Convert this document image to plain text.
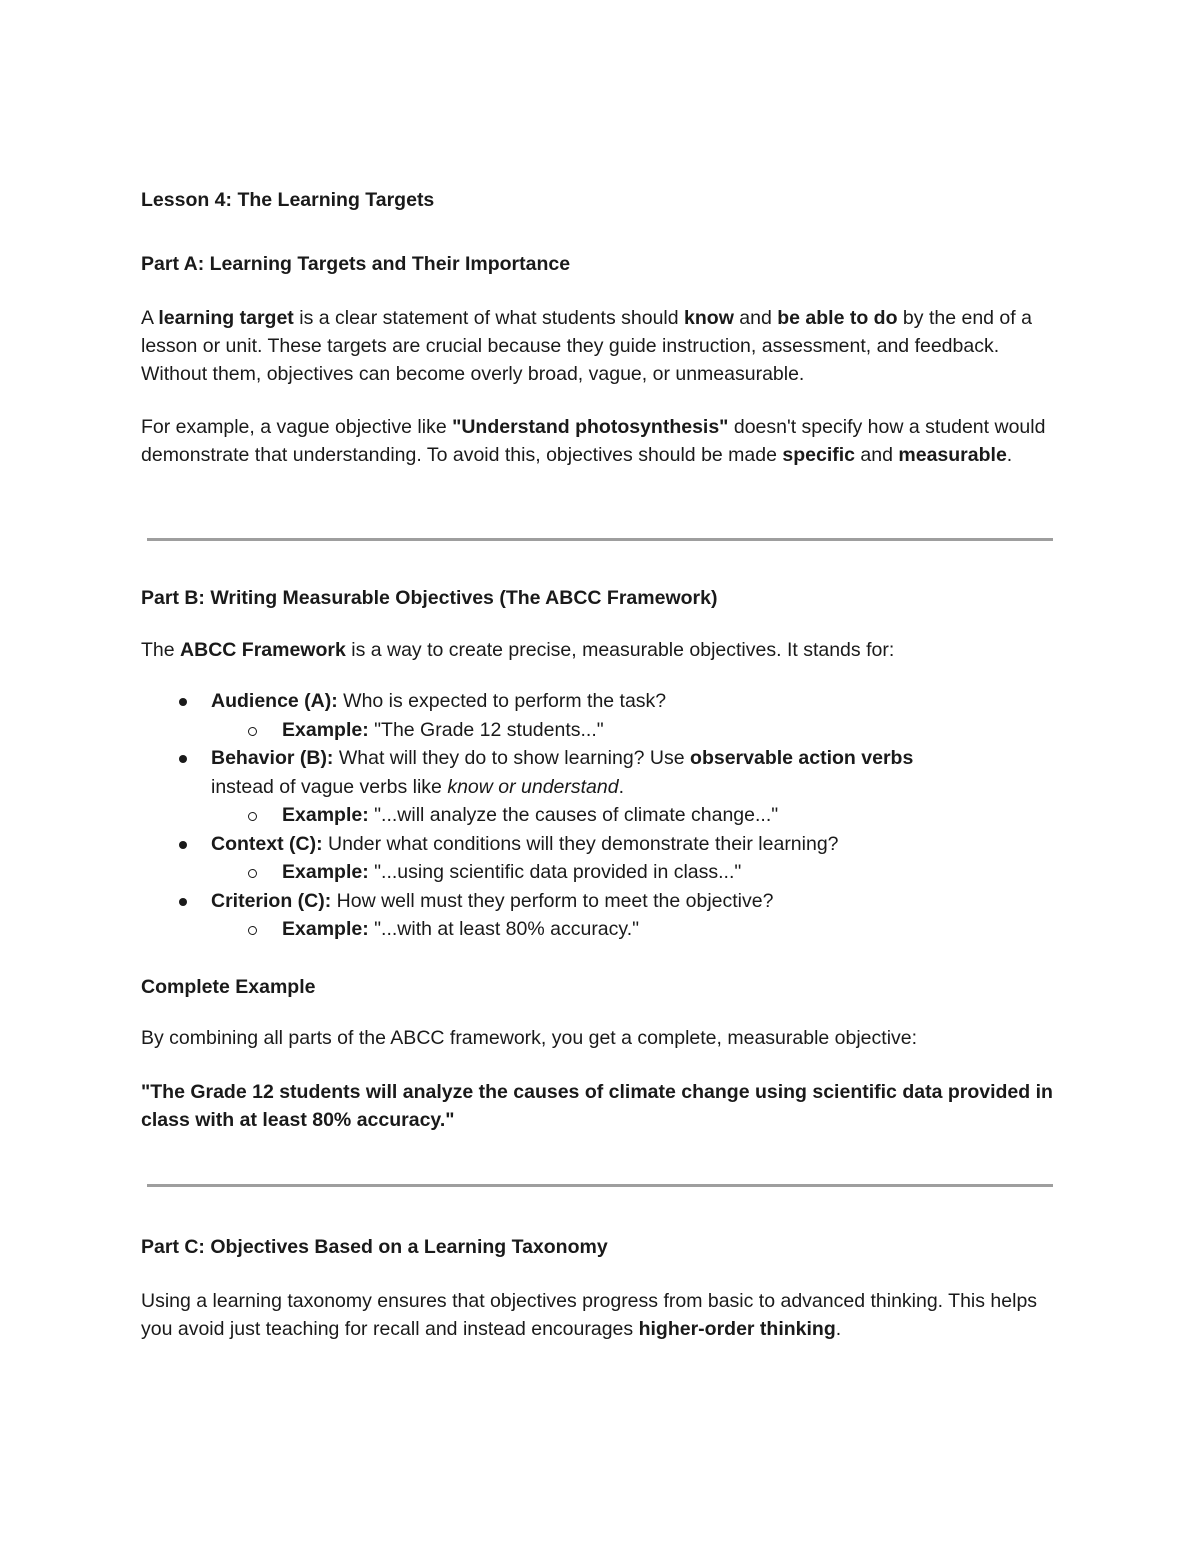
Lesson 4: The Learning Targets

Part A: Learning Targets and Their Importance

A learning target is a clear statement of what students should know and be able to do by the end of a lesson or unit. These targets are crucial because they guide instruction, assessment, and feedback. Without them, objectives can become overly broad, vague, or unmeasurable.

For example, a vague objective like "Understand photosynthesis" doesn't specify how a student would demonstrate that understanding. To avoid this, objectives should be made specific and measurable.

Part B: Writing Measurable Objectives (The ABCC Framework)

The ABCC Framework is a way to create precise, measurable objectives. It stands for:

Audience (A): Who is expected to perform the task?
Example: "The Grade 12 students..."
Behavior (B): What will they do to show learning? Use observable action verbs
instead of vague verbs like know or understand.
Example: "...will analyze the causes of climate change..."
Context (C): Under what conditions will they demonstrate their learning?
Example: "...using scientific data provided in class..."
Criterion (C): How well must they perform to meet the objective?
Example: "...with at least 80% accuracy."

Complete Example

By combining all parts of the ABCC framework, you get a complete, measurable objective:

"The Grade 12 students will analyze the causes of climate change using scientific data provided in class with at least 80% accuracy."

Part C: Objectives Based on a Learning Taxonomy

Using a learning taxonomy ensures that objectives progress from basic to advanced thinking. This helps you avoid just teaching for recall and instead encourages higher-order thinking.
